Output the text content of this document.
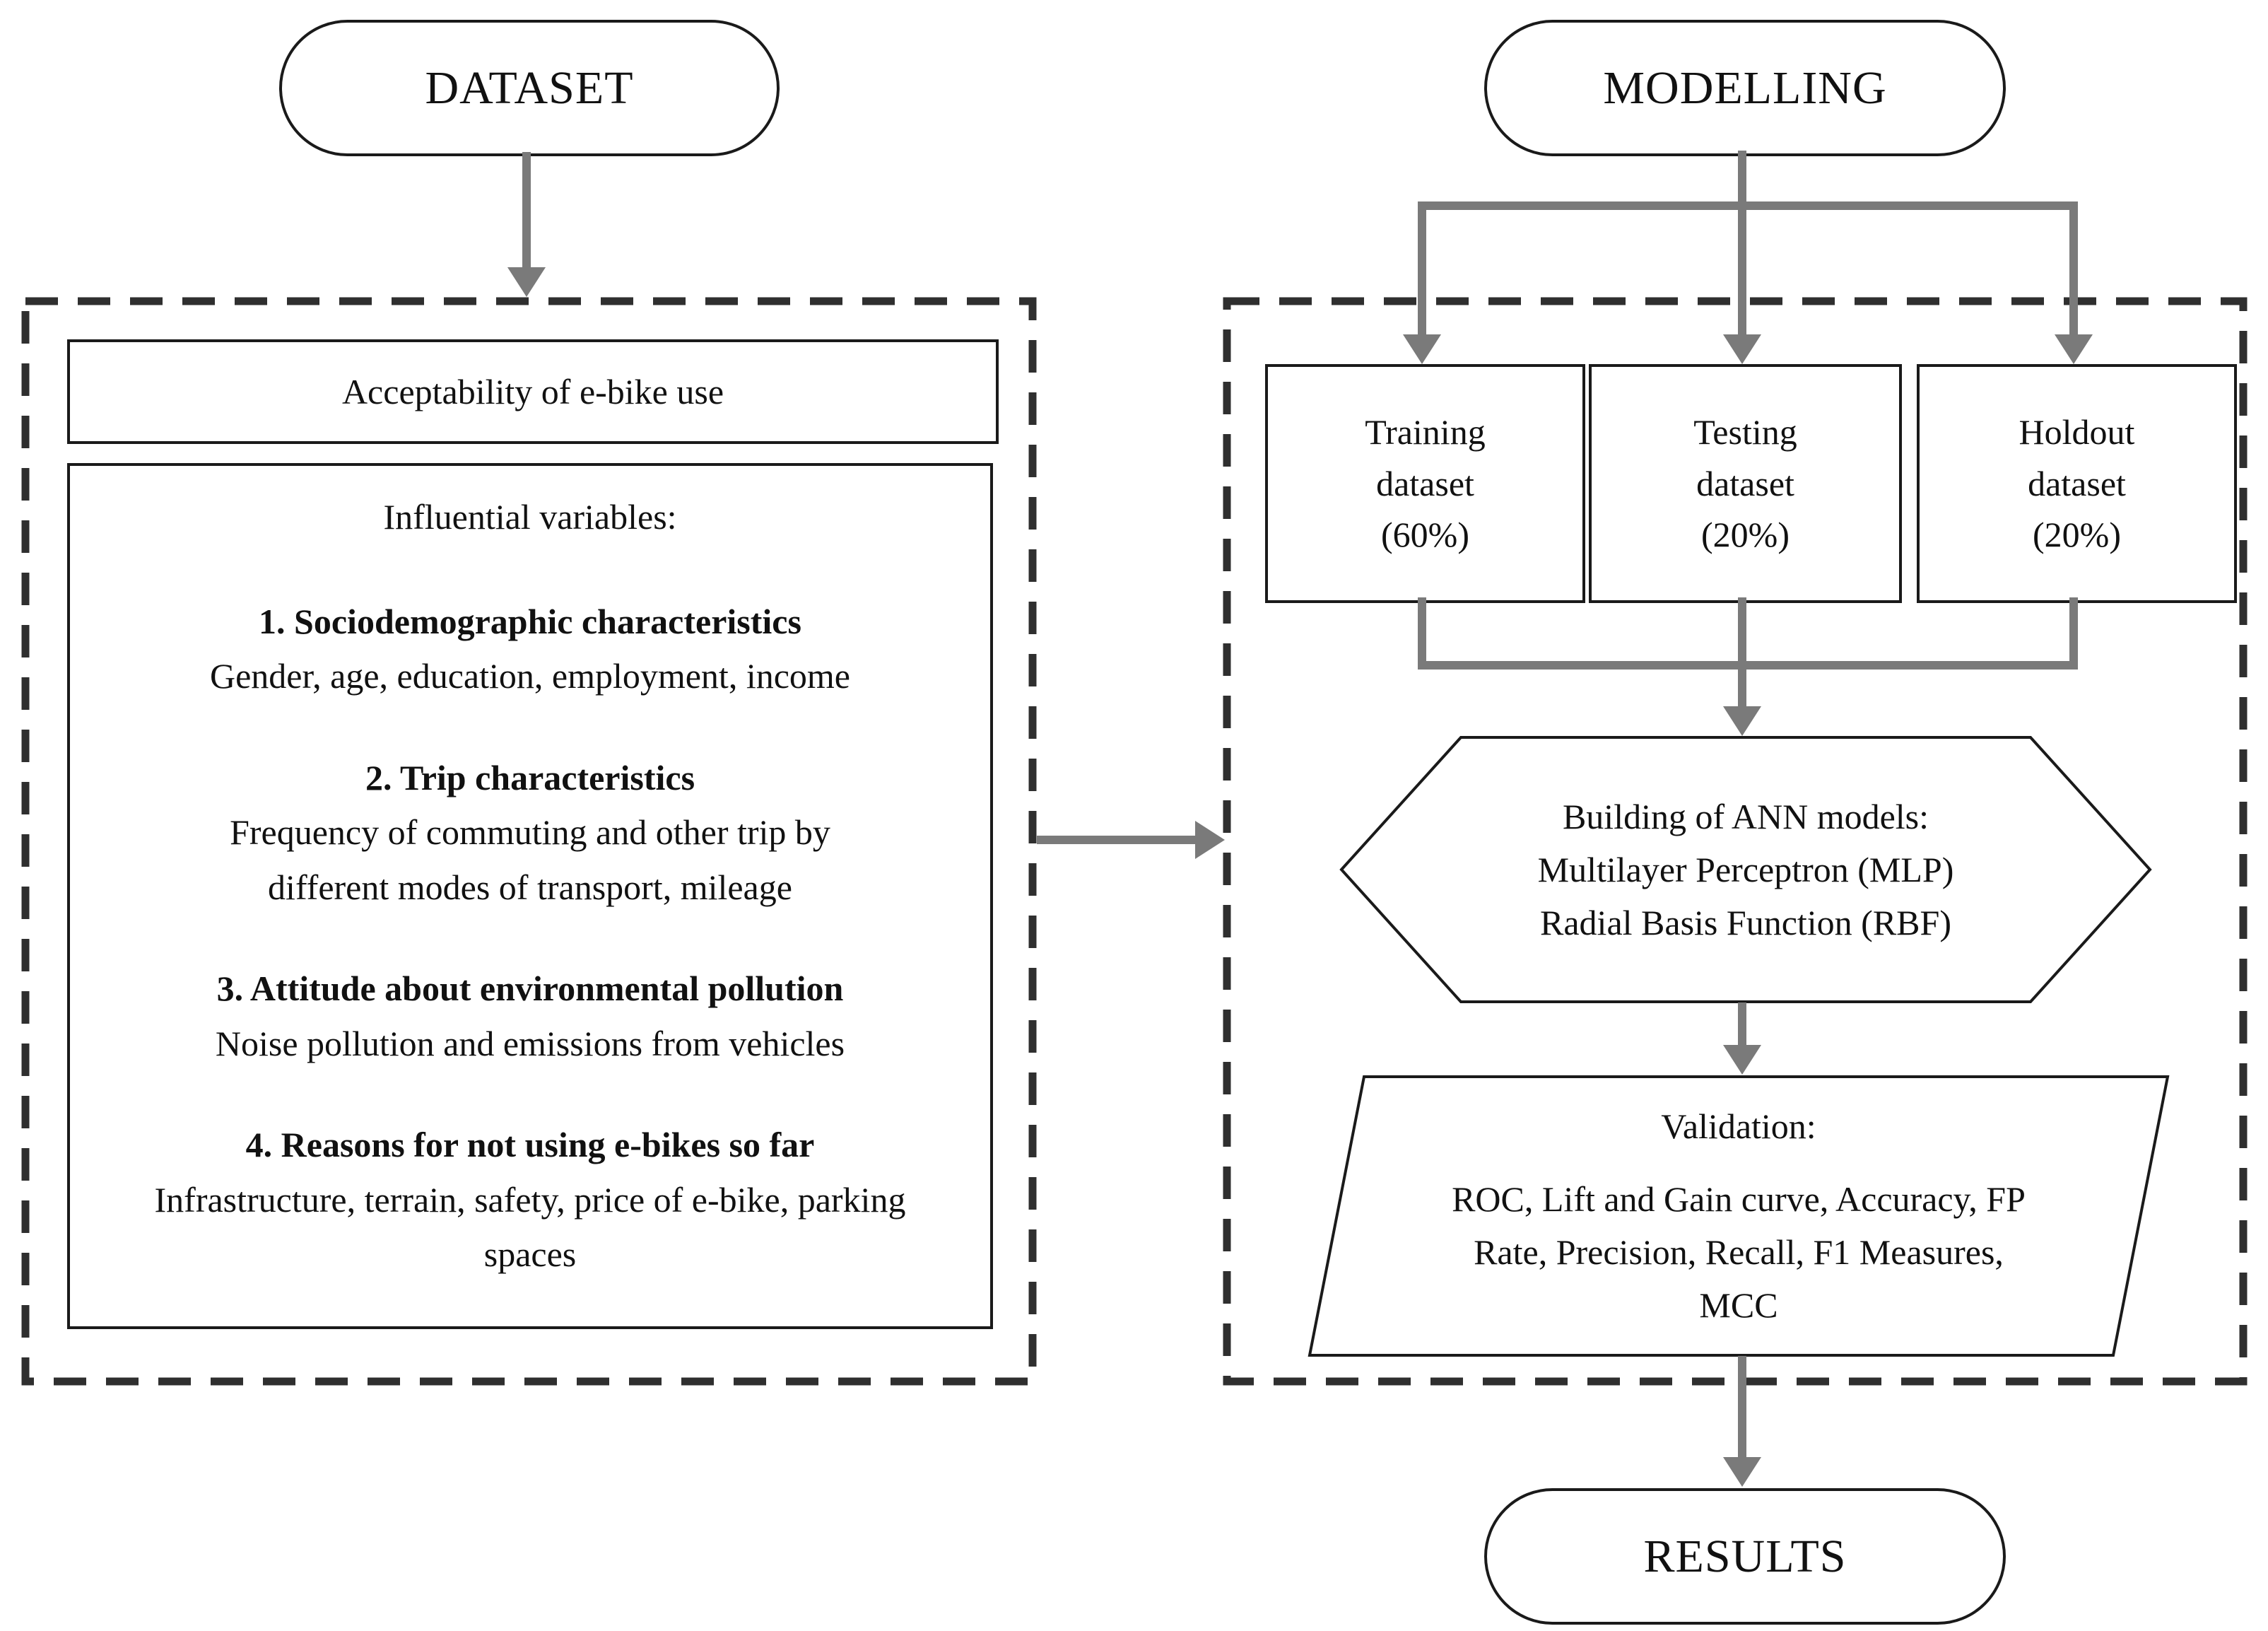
DATASET	MODELLING
RESULTS
Acceptability of e-bike use
Influential variables:
1. Sociodemographic characteristics
Gender, age, education, employment, income
2. Trip characteristics
Frequency of commuting and other trip by different modes of transport, mileage
3. Attitude about environmental pollution
Noise pollution and emissions from vehicles
4. Reasons for not using e-bikes so far
Infrastructure, terrain, safety, price of e-bike, parking spaces
Training
dataset
(60%)
Testing
dataset
(20%)
Holdout
dataset
(20%)
Building of ANN models:
Multilayer Perceptron (MLP)
Radial Basis Function (RBF)
Validation:
ROC, Lift and Gain curve, Accuracy, FP Rate, Precision, Recall, F1 Measures, MCC
